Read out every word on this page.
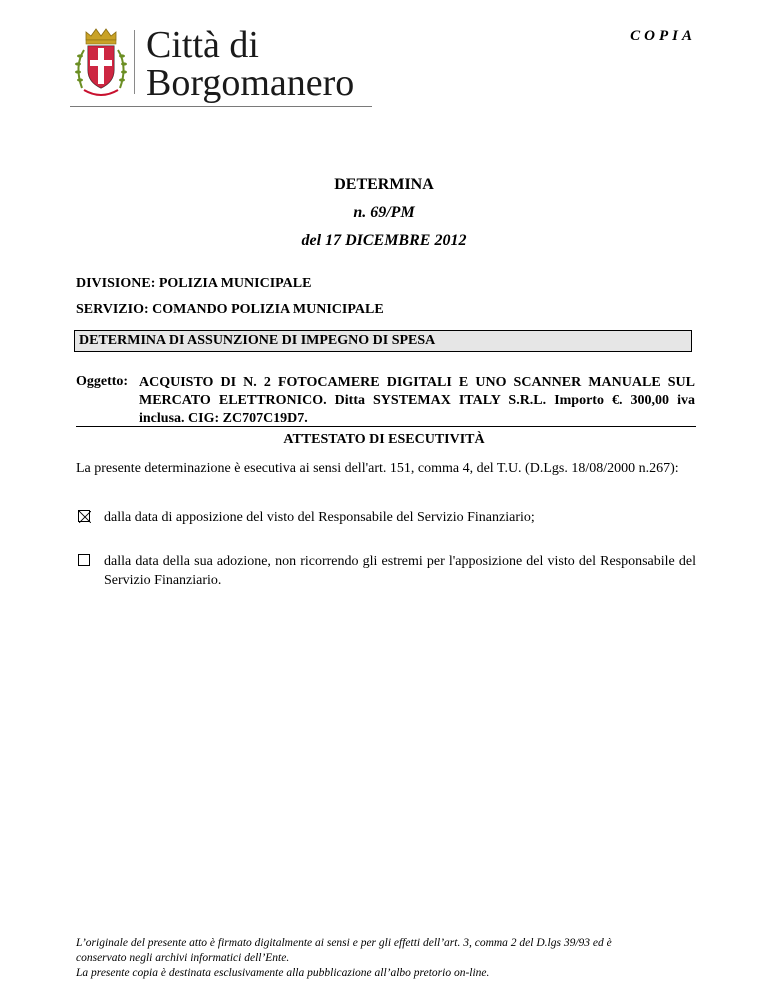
Città di
Borgomanero
COPIA
DETERMINA
n. 69/PM
del 17 DICEMBRE 2012
DIVISIONE: POLIZIA MUNICIPALE
SERVIZIO: COMANDO POLIZIA MUNICIPALE
DETERMINA DI ASSUNZIONE DI IMPEGNO DI SPESA
Oggetto: ACQUISTO DI N. 2 FOTOCAMERE DIGITALI E UNO SCANNER MANUALE SUL MERCATO ELETTRONICO. Ditta SYSTEMAX ITALY S.R.L. Importo €. 300,00 iva inclusa. CIG: ZC707C19D7.
ATTESTATO DI ESECUTIVITÀ
La presente determinazione è esecutiva ai sensi dell'art. 151, comma 4, del T.U. (D.Lgs. 18/08/2000 n.267):
dalla data di apposizione del visto del Responsabile del Servizio Finanziario;
dalla data della sua adozione, non ricorrendo gli estremi per l'apposizione del visto del Responsabile del Servizio Finanziario.
L’originale del presente atto è firmato digitalmente ai sensi e per gli effetti dell’art. 3, comma 2 del D.lgs 39/93 ed è
conservato negli archivi informatici dell’Ente.
La presente copia è destinata esclusivamente alla pubblicazione all’albo pretorio on-line.
